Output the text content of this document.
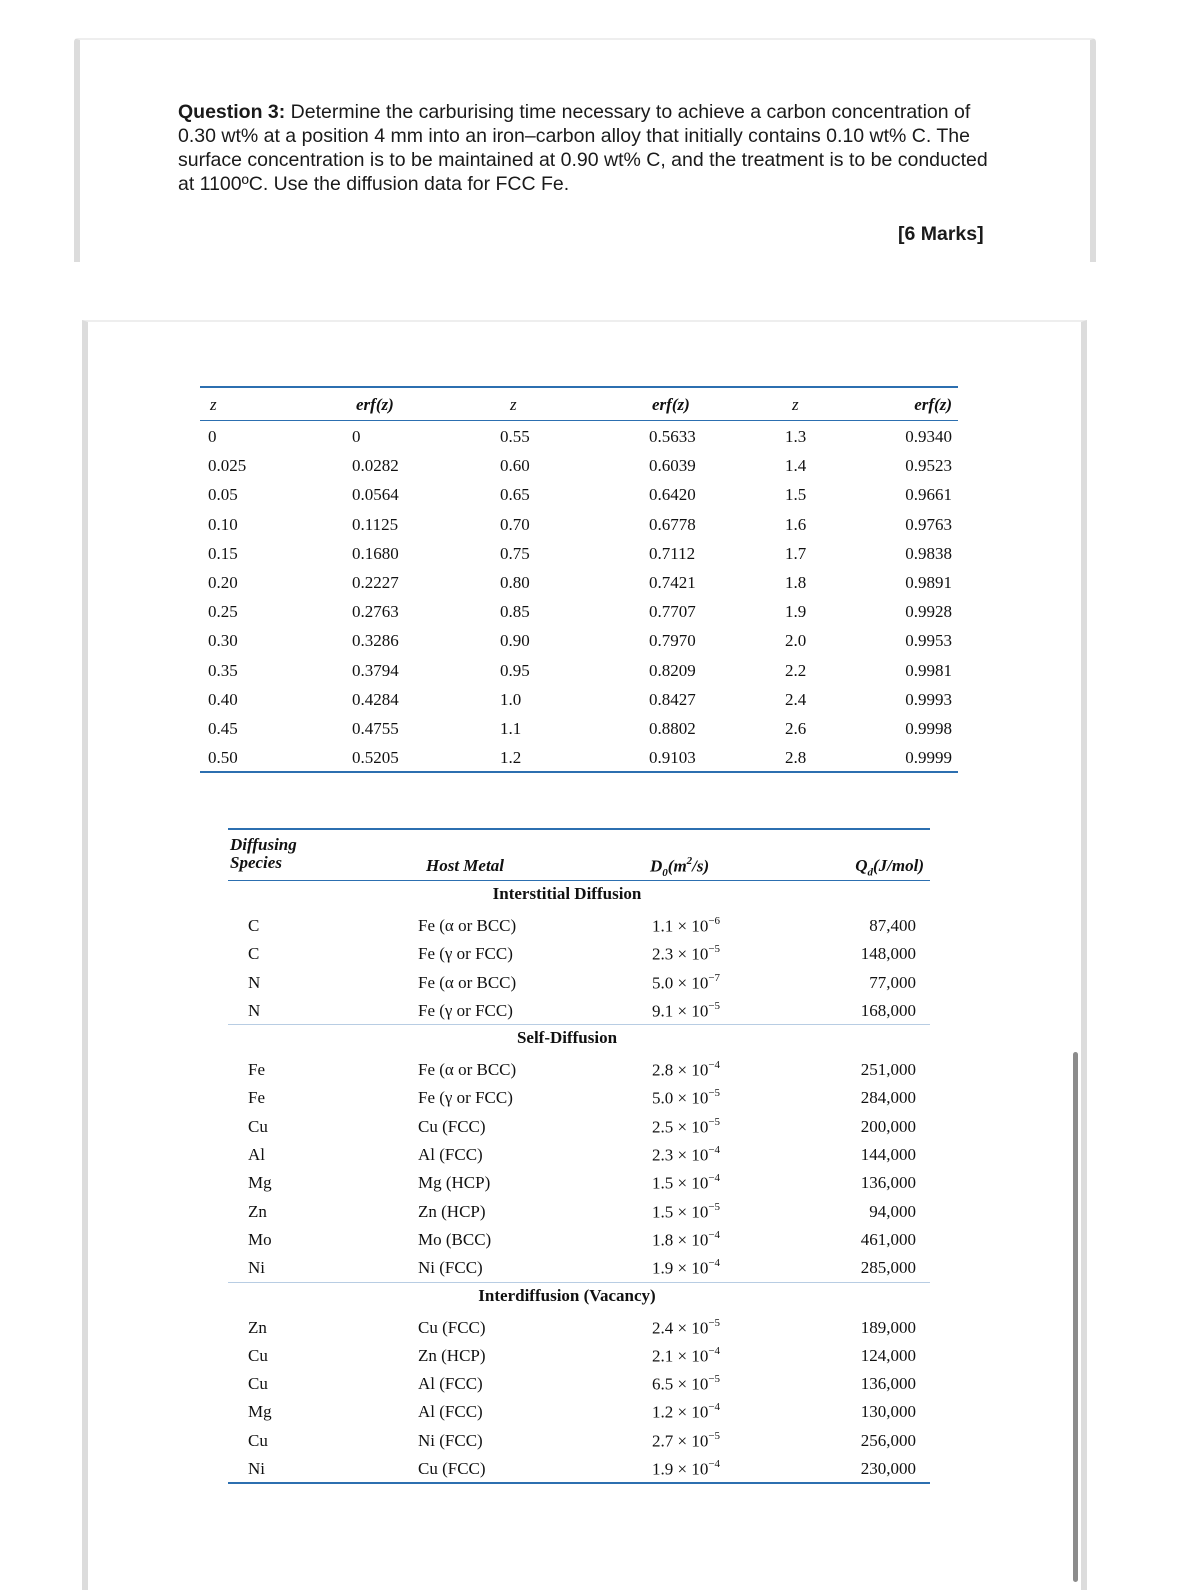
Question 3: Determine the carburising time necessary to achieve a carbon concentration of 0.30 wt% at a position 4 mm into an iron–carbon alloy that initially contains 0.10 wt% C. The surface concentration is to be maintained at 0.90 wt% C, and the treatment is to be conducted at 1100ºC. Use the diffusion data for FCC Fe.
[6 Marks]
z	erf(z)	z	erf(z)	z	erf(z)
0	0	0.55	0.5633	1.3	0.9340
0.025	0.0282	0.60	0.6039	1.4	0.9523
0.05	0.0564	0.65	0.6420	1.5	0.9661
0.10	0.1125	0.70	0.6778	1.6	0.9763
0.15	0.1680	0.75	0.7112	1.7	0.9838
0.20	0.2227	0.80	0.7421	1.8	0.9891
0.25	0.2763	0.85	0.7707	1.9	0.9928
0.30	0.3286	0.90	0.7970	2.0	0.9953
0.35	0.3794	0.95	0.8209	2.2	0.9981
0.40	0.4284	1.0	0.8427	2.4	0.9993
0.45	0.4755	1.1	0.8802	2.6	0.9998
0.50	0.5205	1.2	0.9103	2.8	0.9999
Diffusing
Species	Host Metal	$D_0(m^2/s)$	$Q_d(J/mol)$
Interstitial Diffusion
C	Fe (α or BCC)	$1.1 \times 10^{-6}$	87,400
C	Fe (γ or FCC)	$2.3 \times 10^{-5}$	148,000
N	Fe (α or BCC)	$5.0 \times 10^{-7}$	77,000
N	Fe (γ or FCC)	$9.1 \times 10^{-5}$	168,000
Self-Diffusion
Fe	Fe (α or BCC)	$2.8 \times 10^{-4}$	251,000
Fe	Fe (γ or FCC)	$5.0 \times 10^{-5}$	284,000
Cu	Cu (FCC)	$2.5 \times 10^{-5}$	200,000
Al	Al (FCC)	$2.3 \times 10^{-4}$	144,000
Mg	Mg (HCP)	$1.5 \times 10^{-4}$	136,000
Zn	Zn (HCP)	$1.5 \times 10^{-5}$	94,000
Mo	Mo (BCC)	$1.8 \times 10^{-4}$	461,000
Ni	Ni (FCC)	$1.9 \times 10^{-4}$	285,000
Interdiffusion (Vacancy)
Zn	Cu (FCC)	$2.4 \times 10^{-5}$	189,000
Cu	Zn (HCP)	$2.1 \times 10^{-4}$	124,000
Cu	Al (FCC)	$6.5 \times 10^{-5}$	136,000
Mg	Al (FCC)	$1.2 \times 10^{-4}$	130,000
Cu	Ni (FCC)	$2.7 \times 10^{-5}$	256,000
Ni	Cu (FCC)	$1.9 \times 10^{-4}$	230,000
